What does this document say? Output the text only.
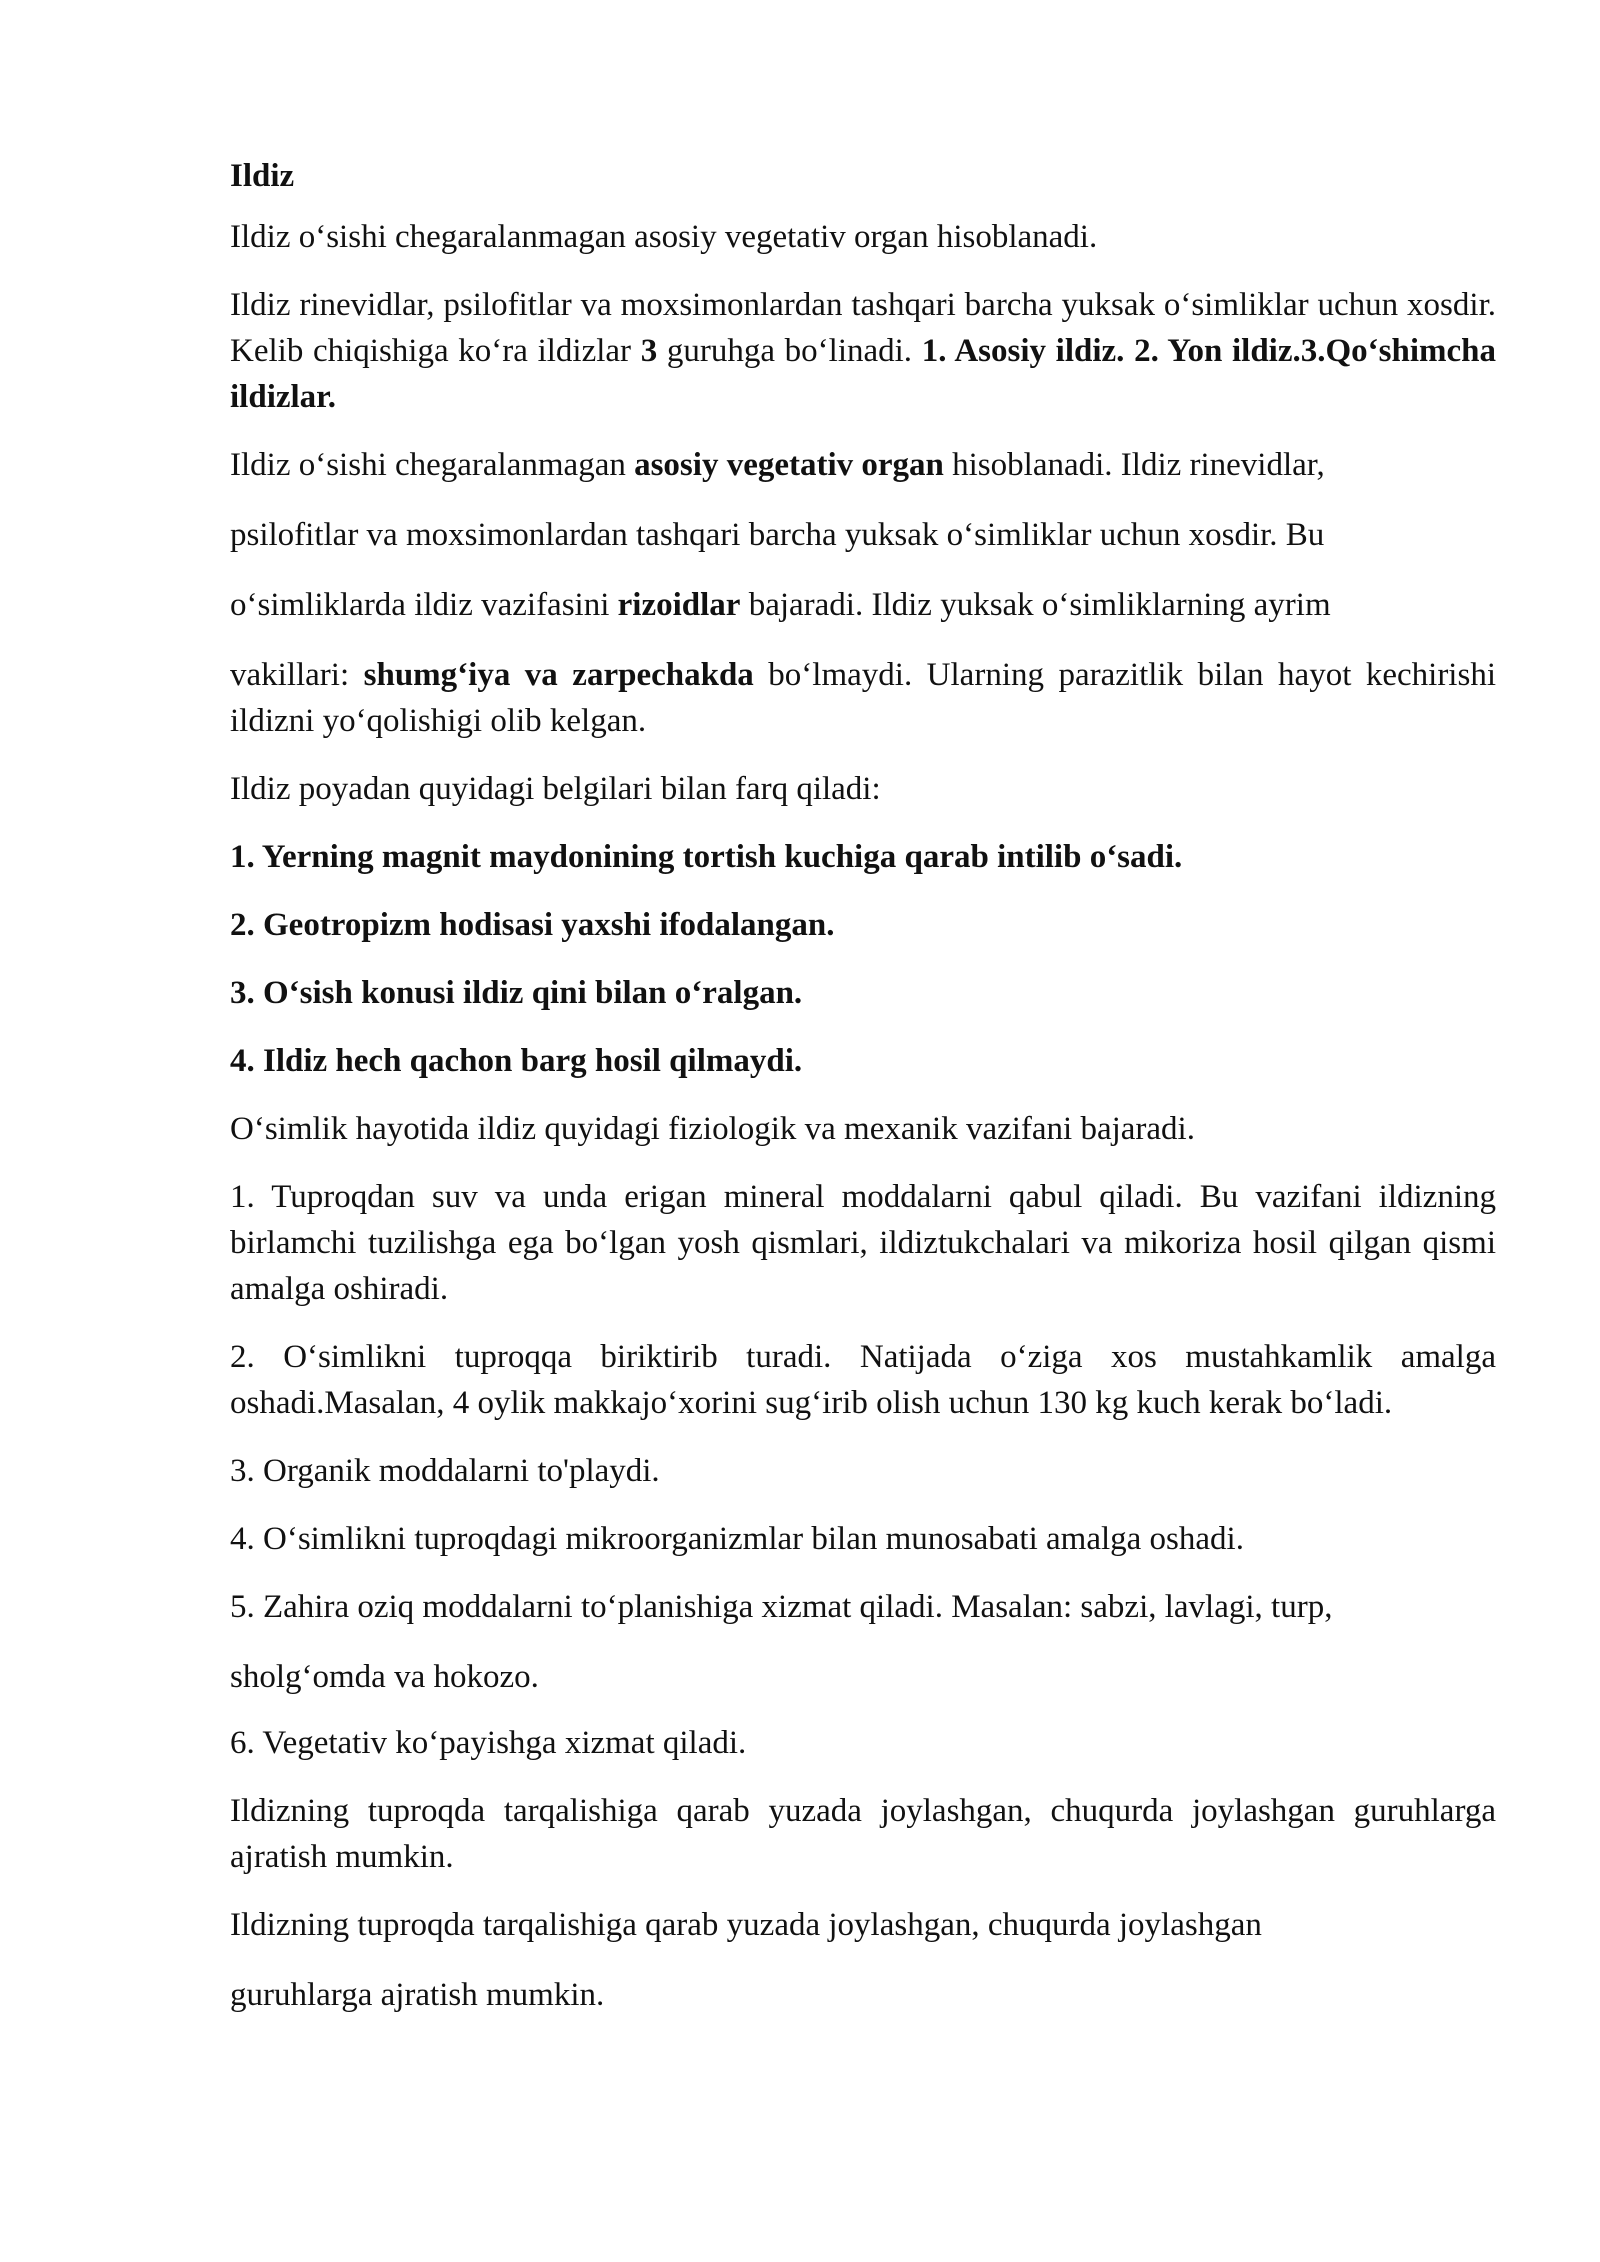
Ildiz

Ildiz o‘sishi chegaralanmagan asosiy vegetativ organ hisoblanadi.

Ildiz rinevidlar, psilofitlar va moxsimonlardan tashqari barcha yuksak o‘simliklar uchun xosdir. Kelib chiqishiga ko‘ra ildizlar 3 guruhga bo‘linadi. 1. Asosiy ildiz. 2. Yon ildiz.3.Qo‘shimcha ildizlar.

Ildiz o‘sishi chegaralanmagan asosiy vegetativ organ hisoblanadi. Ildiz rinevidlar,

psilofitlar va moxsimonlardan tashqari barcha yuksak o‘simliklar uchun xosdir. Bu

o‘simliklarda ildiz vazifasini rizoidlar bajaradi. Ildiz yuksak o‘simliklarning ayrim

vakillari: shumg‘iya va zarpechakda bo‘lmaydi. Ularning parazitlik bilan hayot kechirishi ildizni yo‘qolishigi olib kelgan.

Ildiz poyadan quyidagi belgilari bilan farq qiladi:

1. Yerning magnit maydonining tortish kuchiga qarab intilib o‘sadi.

2. Geotropizm hodisasi yaxshi ifodalangan.

3. O‘sish konusi ildiz qini bilan o‘ralgan.

4. Ildiz hech qachon barg hosil qilmaydi.

O‘simlik hayotida ildiz quyidagi fiziologik va mexanik vazifani bajaradi.

1. Tuproqdan suv va unda erigan mineral moddalarni qabul qiladi. Bu vazifani ildizning birlamchi tuzilishga ega bo‘lgan yosh qismlari, ildiztukchalari va mikoriza hosil qilgan qismi amalga oshiradi.

2. O‘simlikni tuproqqa biriktirib turadi. Natijada o‘ziga xos mustahkamlik amalga oshadi.Masalan, 4 oylik makkajo‘xorini sug‘irib olish uchun 130 kg kuch kerak bo‘ladi.

3. Organik moddalarni to'playdi.

4. O‘simlikni tuproqdagi mikroorganizmlar bilan munosabati amalga oshadi.

5. Zahira oziq moddalarni to‘planishiga xizmat qiladi. Masalan: sabzi, lavlagi, turp,

sholg‘omda va hokozo.

6. Vegetativ ko‘payishga xizmat qiladi.

Ildizning tuproqda tarqalishiga qarab yuzada joylashgan, chuqurda joylashgan guruhlarga ajratish mumkin.

Ildizning tuproqda tarqalishiga qarab yuzada joylashgan, chuqurda joylashgan

guruhlarga ajratish mumkin.
